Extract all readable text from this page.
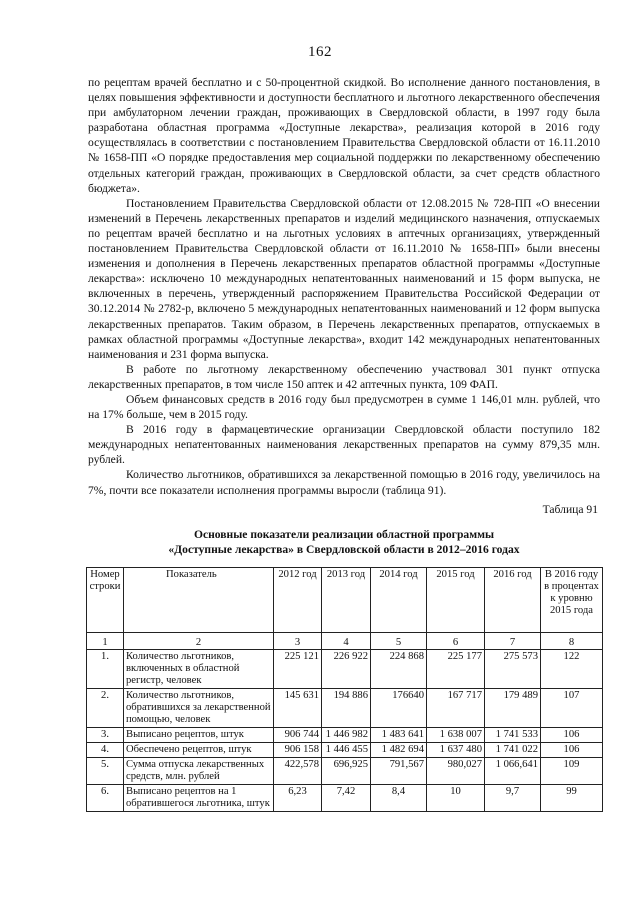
162

по рецептам врачей бесплатно и с 50-процентной скидкой. Во исполнение данного постановления, в целях повышения эффективности и доступности бесплатного и льготного лекарственного обеспечения при амбулаторном лечении граждан, проживающих в Свердловской области, в 1997 году была разработана областная программа «Доступные лекарства», реализация которой в 2016 году осуществлялась в соответствии с постановлением Правительства Свердловской области от 16.11.2010 № 1658-ПП «О порядке предоставления мер социальной поддержки по лекарственному обеспечению отдельных категорий граждан, проживающих в Свердловской области, за счет средств областного бюджета».

Постановлением Правительства Свердловской области от 12.08.2015 № 728-ПП «О внесении изменений в Перечень лекарственных препаратов и изделий медицинского назначения, отпускаемых по рецептам врачей бесплатно и на льготных условиях в аптечных организациях, утвержденный постановлением Правительства Свердловской области от 16.11.2010 № 1658-ПП» были внесены изменения и дополнения в Перечень лекарственных препаратов областной программы «Доступные лекарства»: исключено 10 международных непатентованных наименований и 15 форм выпуска, не включенных в перечень, утвержденный распоряжением Правительства Российской Федерации от 30.12.2014 № 2782-р, включено 5 международных непатентованных наименований и 12 форм выпуска лекарственных препаратов. Таким образом, в Перечень лекарственных препаратов, отпускаемых в рамках областной программы «Доступные лекарства», входит 142 международных непатентованных наименования и 231 форма выпуска.

В работе по льготному лекарственному обеспечению участвовал 301 пункт отпуска лекарственных препаратов, в том числе 150 аптек и 42 аптечных пункта, 109 ФАП.

Объем финансовых средств в 2016 году был предусмотрен в сумме 1 146,01 млн. рублей, что на 17% больше, чем в 2015 году.

В 2016 году в фармацевтические организации Свердловской области поступило 182 международных непатентованных наименования лекарственных препаратов на сумму 879,35 млн. рублей.

Количество льготников, обратившихся за лекарственной помощью в 2016 году, увеличилось на 7%, почти все показатели исполнения программы выросли (таблица 91).

Таблица 91
Основные показатели реализации областной программы
«Доступные лекарства» в Свердловской области в 2012–2016 годах
Номер строки	Показатель	2012 год	2013 год	2014 год	2015 год	2016 год	В 2016 году в процентах к уровню 2015 года
1	2	3	4	5	6	7	8
1.	Количество льготников, включенных в областной регистр, человек	225 121	226 922	224 868	225 177	275 573	122
2.	Количество льготников, обратившихся за лекарственной помощью, человек	145 631	194 886	176640	167 717	179 489	107
3.	Выписано рецептов, штук	906 744	1 446 982	1 483 641	1 638 007	1 741 533	106
4.	Обеспечено рецептов, штук	906 158	1 446 455	1 482 694	1 637 480	1 741 022	106
5.	Сумма отпуска лекарственных средств, млн. рублей	422,578	696,925	791,567	980,027	1 066,641	109
6.	Выписано рецептов на 1 обратившегося льготника, штук	6,23	7,42	8,4	10	9,7	99
